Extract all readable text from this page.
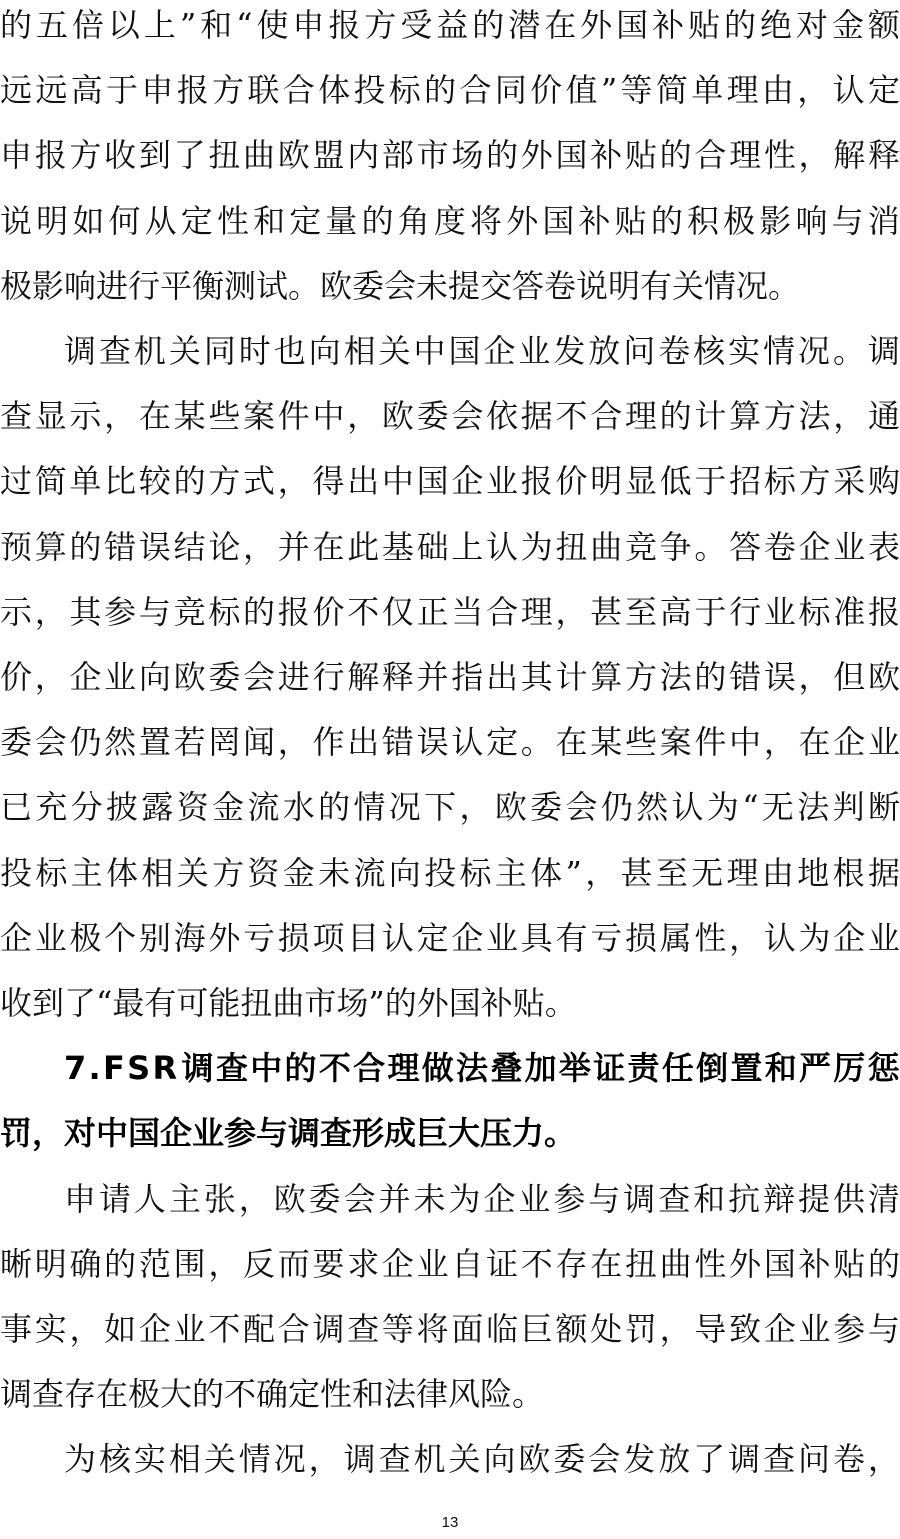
的 五 倍 以 上 ” 和 “ 使 申 报 方 受 益 的 潜 在 外 国 补 贴 的 绝 对 金 额
远 远 高 于 申 报 方 联 合 体 投 标 的 合 同 价 值 ” 等 简 单 理 由 ， 认 定
申 报 方 收 到 了 扭 曲 欧 盟 内 部 市 场 的 外 国 补 贴 的 合 理 性 ， 解 释
说 明 如 何 从 定 性 和 定 量 的 角 度 将 外 国 补 贴 的 积 极 影 响 与 消
极影响进行平衡测试。欧委会未提交答卷说明有关情况。
调 查 机 关 同 时 也 向 相 关 中 国 企 业 发 放 问 卷 核 实 情 况 。 调
查 显 示 ， 在 某 些 案 件 中 ， 欧 委 会 依 据 不 合 理 的 计 算 方 法 ， 通
过 简 单 比 较 的 方 式 ， 得 出 中 国 企 业 报 价 明 显 低 于 招 标 方 采 购
预 算 的 错 误 结 论 ， 并 在 此 基 础 上 认 为 扭 曲 竞 争 。 答 卷 企 业 表
示 ， 其 参 与 竞 标 的 报 价 不 仅 正 当 合 理 ， 甚 至 高 于 行 业 标 准 报
价 ， 企 业 向 欧 委 会 进 行 解 释 并 指 出 其 计 算 方 法 的 错 误 ， 但 欧
委 会 仍 然 置 若 罔 闻 ， 作 出 错 误 认 定 。 在 某 些 案 件 中 ， 在 企 业
已 充 分 披 露 资 金 流 水 的 情 况 下 ， 欧 委 会 仍 然 认 为 “ 无 法 判 断
投 标 主 体 相 关 方 资 金 未 流 向 投 标 主 体 ” ， 甚 至 无 理 由 地 根 据
企 业 极 个 别 海 外 亏 损 项 目 认 定 企 业 具 有 亏 损 属 性 ， 认 为 企 业
收到了“最有可能扭曲市场”的外国补贴。
7 . F S R 调 查 中 的 不 合 理 做 法 叠 加 举 证 责 任 倒 置 和 严 厉 惩
罚，对中国企业参与调查形成巨大压力。
申 请 人 主 张 ， 欧 委 会 并 未 为 企 业 参 与 调 查 和 抗 辩 提 供 清
晰 明 确 的 范 围 ， 反 而 要 求 企 业 自 证 不 存 在 扭 曲 性 外 国 补 贴 的
事 实 ， 如 企 业 不 配 合 调 查 等 将 面 临 巨 额 处 罚 ， 导 致 企 业 参 与
调查存在极大的不确定性和法律风险。
为 核 实 相 关 情 况 ， 调 查 机 关 向 欧 委 会 发 放 了 调 查 问 卷 ，
13
